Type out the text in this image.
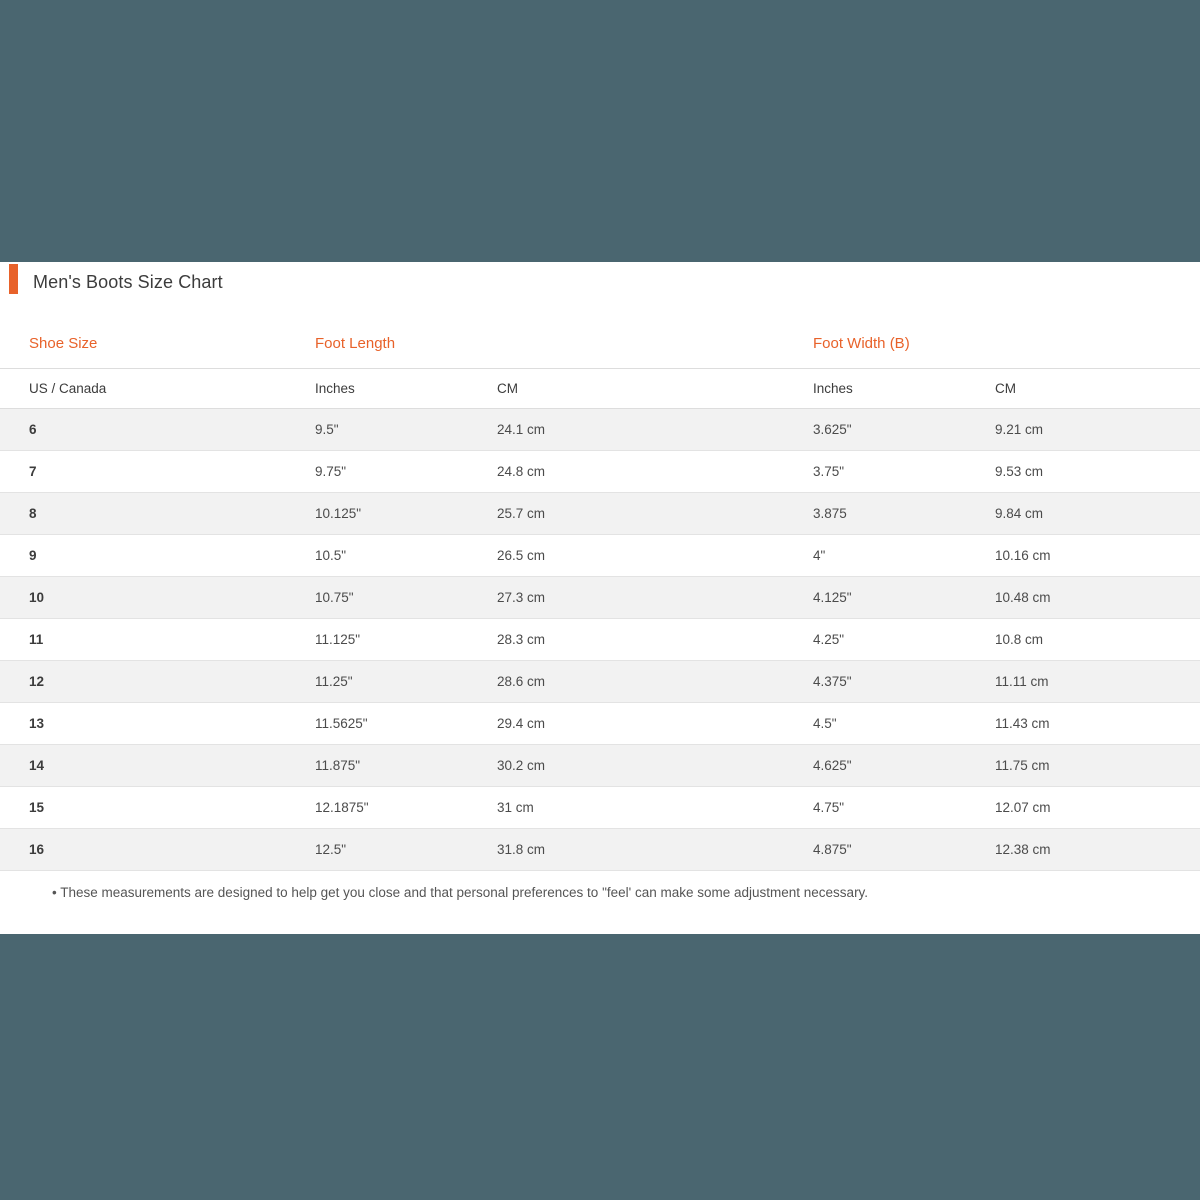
Men's Boots Size Chart
Shoe Size	Foot Length		Foot Width (B)	
US / Canada	Inches	CM	Inches	CM
6	9.5"	24.1 cm	3.625"	9.21 cm
7	9.75"	24.8 cm	3.75"	9.53 cm
8	10.125"	25.7 cm	3.875	9.84 cm
9	10.5"	26.5 cm	4"	10.16 cm
10	10.75"	27.3 cm	4.125"	10.48 cm
11	11.125"	28.3 cm	4.25"	10.8 cm
12	11.25"	28.6 cm	4.375"	11.11 cm
13	11.5625"	29.4 cm	4.5"	11.43 cm
14	11.875"	30.2 cm	4.625"	11.75 cm
15	12.1875"	31 cm	4.75"	12.07 cm
16	12.5"	31.8 cm	4.875"	12.38 cm
• These measurements are designed to help get you close and that personal preferences to "feel' can make some adjustment necessary.
